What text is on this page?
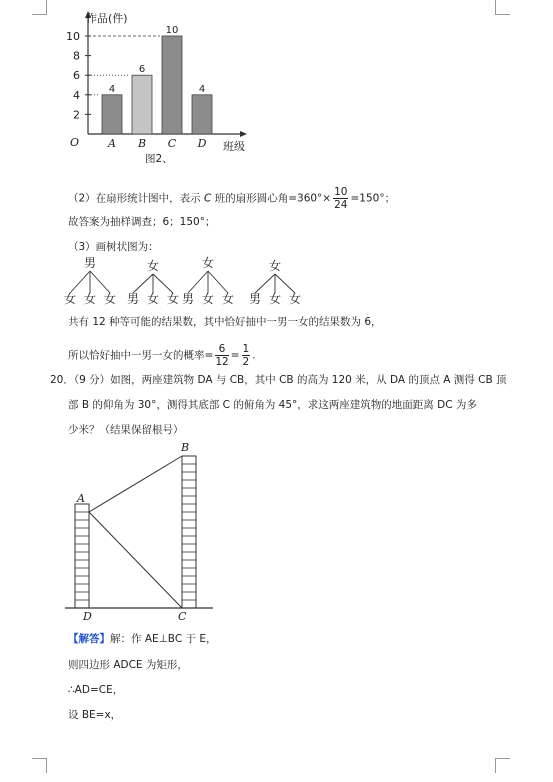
作品(件)
班级
O
10
8
6
4
2
4
A
6
B
10
C
4
D
图2、
（2）在扇形统计图中，表示 C 班的扇形圆心角$=360^\circ\times \frac{10}{24} =150^\circ$；
故答案为抽样调查；6；150°；
（3）画树状图为：
男
女 女 女
女
男 女 女
女
男 女 女
女
男 女 女
共有 12 种等可能的结果数，其中恰好抽中一男一女的结果数为 6，
所以恰好抽中一男一女的概率= $\frac{6}{12} = \frac{1}{2}$ .
20．（9 分）如图，两座建筑物 DA 与 CB，其中 CB 的高为 120 米，从 DA 的顶点 A 测得 CB 顶
部 B 的仰角为 30°，测得其底部 C 的俯角为 45°，求这两座建筑物的地面距离 DC 为多
少米？（结果保留根号）
A
B
C
D
【解答】解：作 AE⊥BC 于 E，
则四边形 ADCE 为矩形，
∴AD=CE，
设 BE=x，
